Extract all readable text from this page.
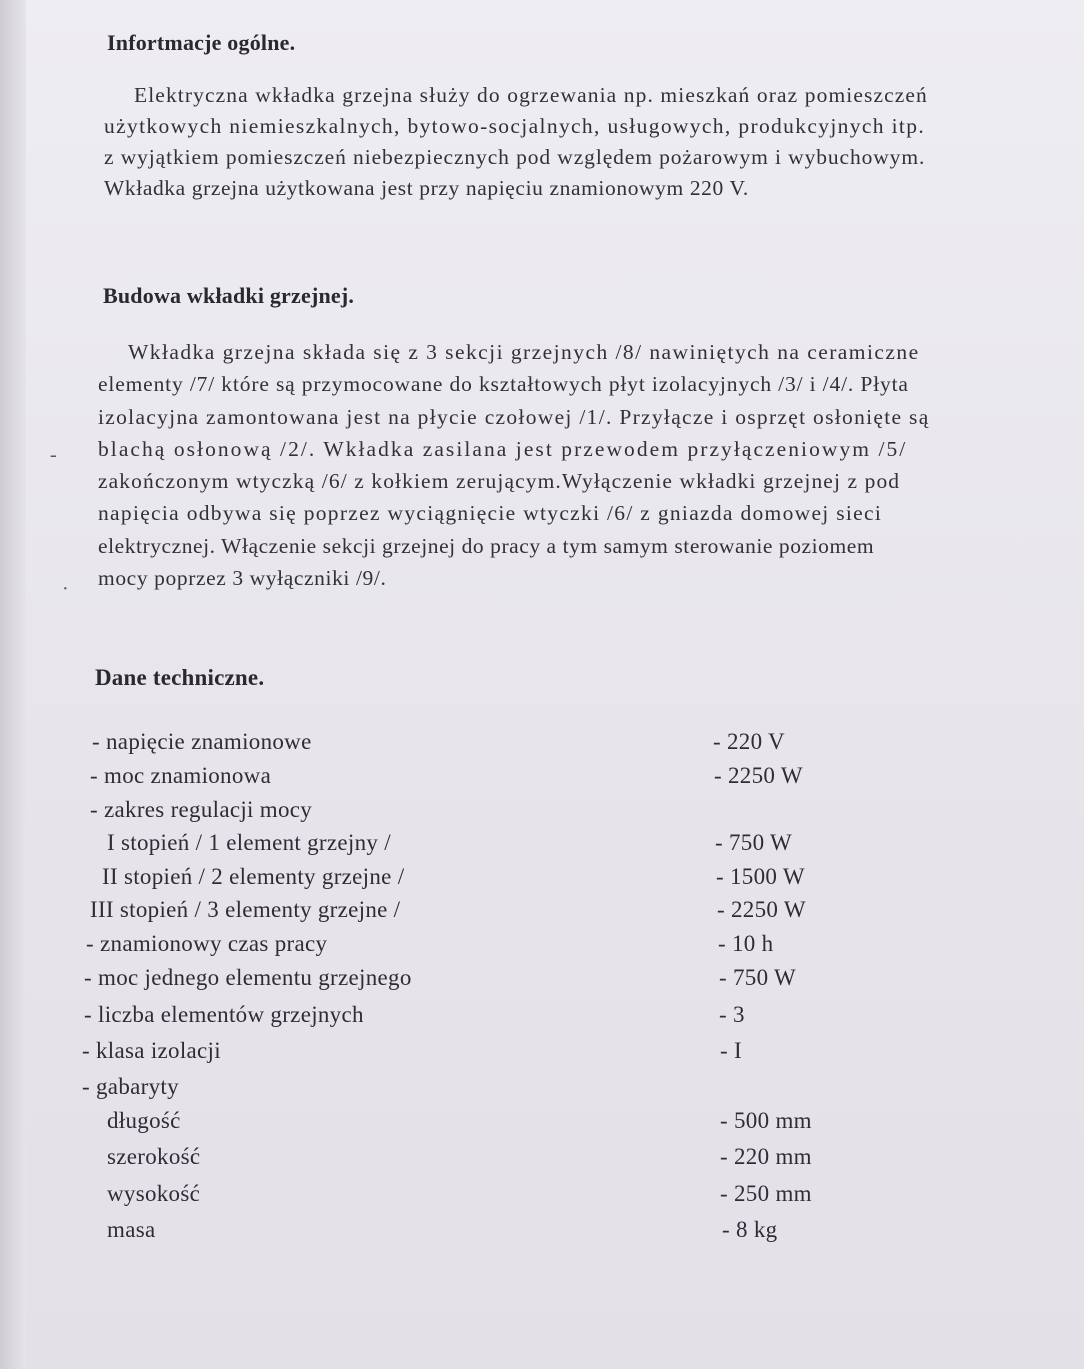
Infortmacje ogólne.
Elektryczna wkładka grzejna służy do ogrzewania np. mieszkań oraz pomieszczeń
użytkowych niemieszkalnych, bytowo-socjalnych, usługowych, produkcyjnych itp.
z wyjątkiem pomieszczeń niebezpiecznych pod względem pożarowym i wybuchowym.
Wkładka grzejna użytkowana jest przy napięciu znamionowym 220 V.
Budowa wkładki grzejnej.
Wkładka grzejna składa się z 3 sekcji grzejnych /8/ nawiniętych na ceramiczne
elementy /7/ które są przymocowane do kształtowych płyt izolacyjnych /3/ i /4/. Płyta
izolacyjna zamontowana jest na płycie czołowej /1/. Przyłącze i osprzęt osłonięte są
blachą osłonową /2/. Wkładka zasilana jest przewodem przyłączeniowym /5/
zakończonym wtyczką /6/ z kołkiem zerującym.Wyłączenie wkładki grzejnej z pod
napięcia odbywa się poprzez wyciągnięcie wtyczki /6/ z gniazda domowej sieci
elektrycznej. Włączenie sekcji grzejnej do pracy a tym samym sterowanie poziomem
mocy poprzez 3 wyłączniki /9/.
-
·
Dane techniczne.
- napięcie znamionowe	- 220 V
- moc znamionowa	- 2250 W
- zakres regulacji mocy
I stopień / 1 element grzejny /	- 750 W
II stopień / 2 elementy grzejne /	- 1500 W
III stopień / 3 elementy grzejne /	- 2250 W
- znamionowy czas pracy	- 10 h
- moc jednego elementu grzejnego	- 750 W
- liczba elementów grzejnych	- 3
- klasa izolacji	- I
- gabaryty
długość	- 500 mm
szerokość	- 220 mm
wysokość	- 250 mm
masa	- 8 kg
